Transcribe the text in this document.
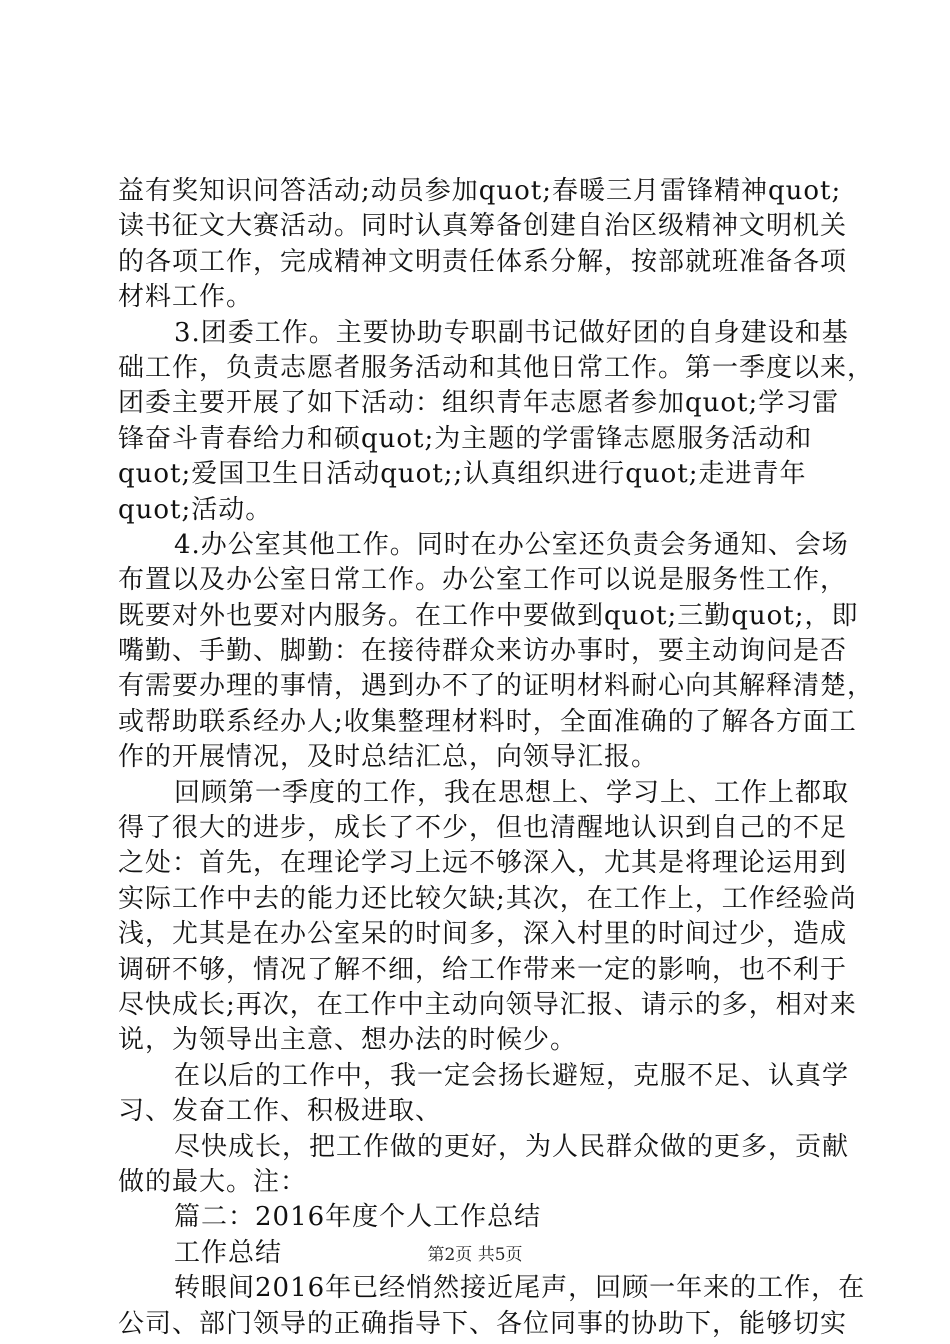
益有奖知识问答活动;动员参加quot;春暖三月雷锋精神quot;
读书征文大赛活动。同时认真筹备创建自治区级精神文明机关
的各项工作，完成精神文明责任体系分解，按部就班准备各项
材料工作。
3.团委工作。主要协助专职副书记做好团的自身建设和基
础工作，负责志愿者服务活动和其他日常工作。第一季度以来，
团委主要开展了如下活动：组织青年志愿者参加quot;学习雷
锋奋斗青春给力和硕quot;为主题的学雷锋志愿服务活动和
quot;爱国卫生日活动quot;;认真组织进行quot;走进青年
quot;活动。
4.办公室其他工作。同时在办公室还负责会务通知、会场
布置以及办公室日常工作。办公室工作可以说是服务性工作，
既要对外也要对内服务。在工作中要做到quot;三勤quot;，即
嘴勤、手勤、脚勤：在接待群众来访办事时，要主动询问是否
有需要办理的事情，遇到办不了的证明材料耐心向其解释清楚，
或帮助联系经办人;收集整理材料时，全面准确的了解各方面工
作的开展情况，及时总结汇总，向领导汇报。
回顾第一季度的工作，我在思想上、学习上、工作上都取
得了很大的进步，成长了不少，但也清醒地认识到自己的不足
之处：首先，在理论学习上远不够深入，尤其是将理论运用到
实际工作中去的能力还比较欠缺;其次，在工作上，工作经验尚
浅，尤其是在办公室呆的时间多，深入村里的时间过少，造成
调研不够，情况了解不细，给工作带来一定的影响，也不利于
尽快成长;再次，在工作中主动向领导汇报、请示的多，相对来
说，为领导出主意、想办法的时候少。
在以后的工作中，我一定会扬长避短，克服不足、认真学
习、发奋工作、积极进取、
尽快成长，把工作做的更好，为人民群众做的更多，贡献
做的最大。注：
篇二：2016年度个人工作总结
工作总结
转眼间2016年已经悄然接近尾声，回顾一年来的工作，在
公司、部门领导的正确指导下、各位同事的协助下，能够切实
第2页 共5页
